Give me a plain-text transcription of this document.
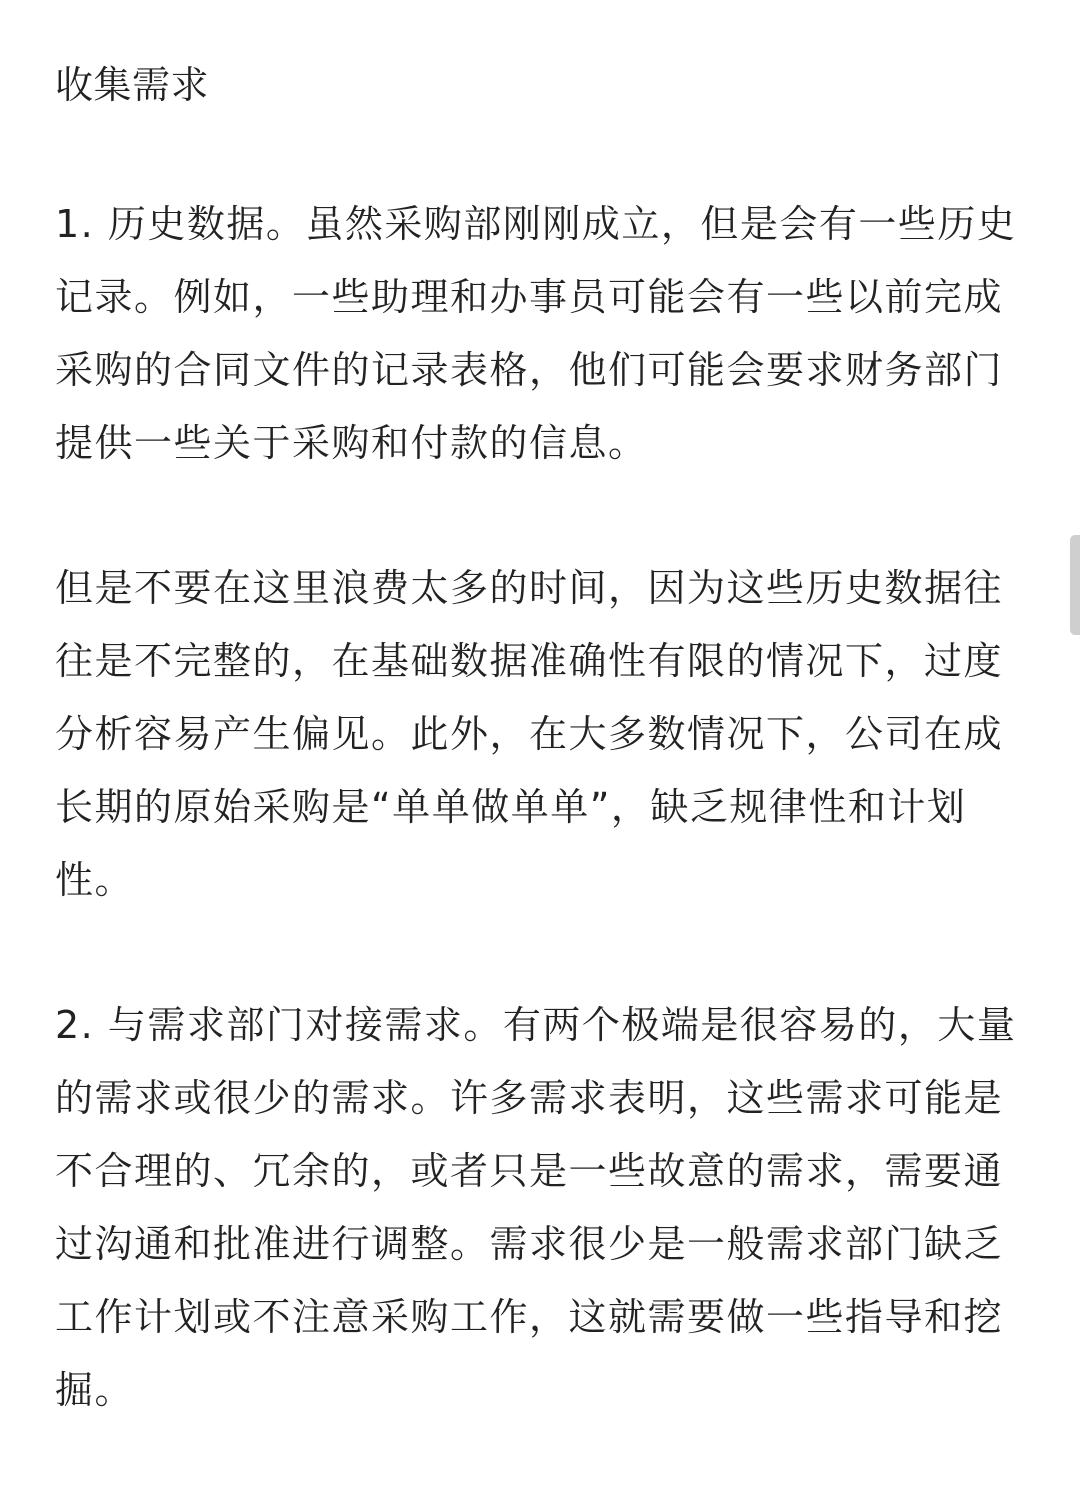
收集需求
1. 历史数据。虽然采购部刚刚成立，但是会有一些历史记录。例如，一些助理和办事员可能会有一些以前完成采购的合同文件的记录表格，他们可能会要求财务部门提供一些关于采购和付款的信息。
但是不要在这里浪费太多的时间，因为这些历史数据往往是不完整的，在基础数据准确性有限的情况下，过度分析容易产生偏见。此外，在大多数情况下，公司在成长期的原始采购是“单单做单单”，缺乏规律性和计划性。
2. 与需求部门对接需求。有两个极端是很容易的，大量的需求或很少的需求。许多需求表明，这些需求可能是不合理的、冗余的，或者只是一些故意的需求，需要通过沟通和批准进行调整。需求很少是一般需求部门缺乏工作计划或不注意采购工作，这就需要做一些指导和挖掘。
